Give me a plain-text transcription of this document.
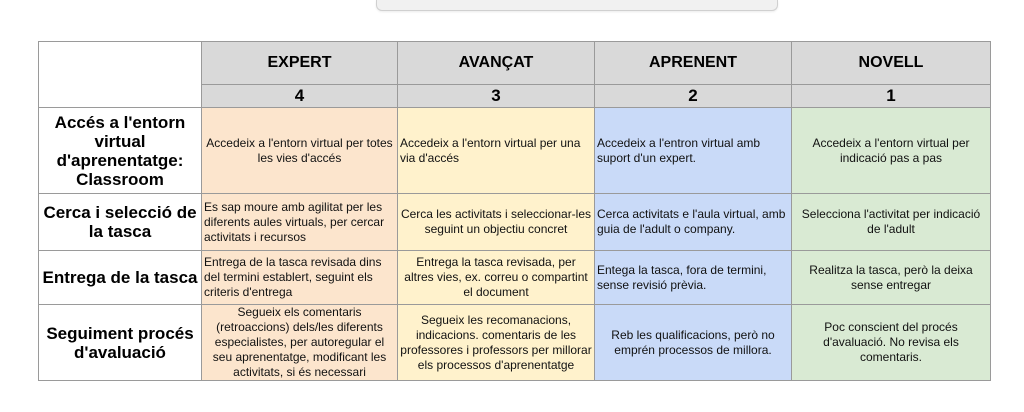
	EXPERT	AVANÇAT	APRENENT	NOVELL
	4	3	2	1
Accés a l'entorn virtual d'aprenentatge: Classroom	Accedeix a l'entorn virtual per totes les vies d'accés	Accedeix a l'entorn virtual per una via d'accés	Accedeix a l'entron virtual amb suport d'un expert.	Accedeix a l'entorn virtual per indicació pas a pas
Cerca i selecció de la tasca	Es sap moure amb agilitat per les diferents aules virtuals, per cercar activitats i recursos	Cerca les activitats i seleccionar-les seguint un objectiu concret	Cerca activitats e l'aula virtual, amb guia de l'adult o company.	Selecciona l'activitat per indicació de l'adult
Entrega de la tasca	Entrega de la tasca revisada dins del termini establert, seguint els criteris d'entrega	Entrega la tasca revisada, per altres vies, ex. correu o compartint el document	Entega la tasca, fora de termini, sense revisió prèvia.	Realitza la tasca, però la deixa sense entregar
Seguiment procés d'avaluació	Segueix els comentaris (retroaccions) dels/les diferents especialistes, per autoregular el seu aprenentatge, modificant les activitats, si és necessari	Segueix les recomanacions, indicacions. comentaris de les professores i professors per millorar els processos d'aprenentatge	Reb les qualificacions, però no emprén processos de millora.	Poc conscient del procés d'avaluació. No revisa els comentaris.
